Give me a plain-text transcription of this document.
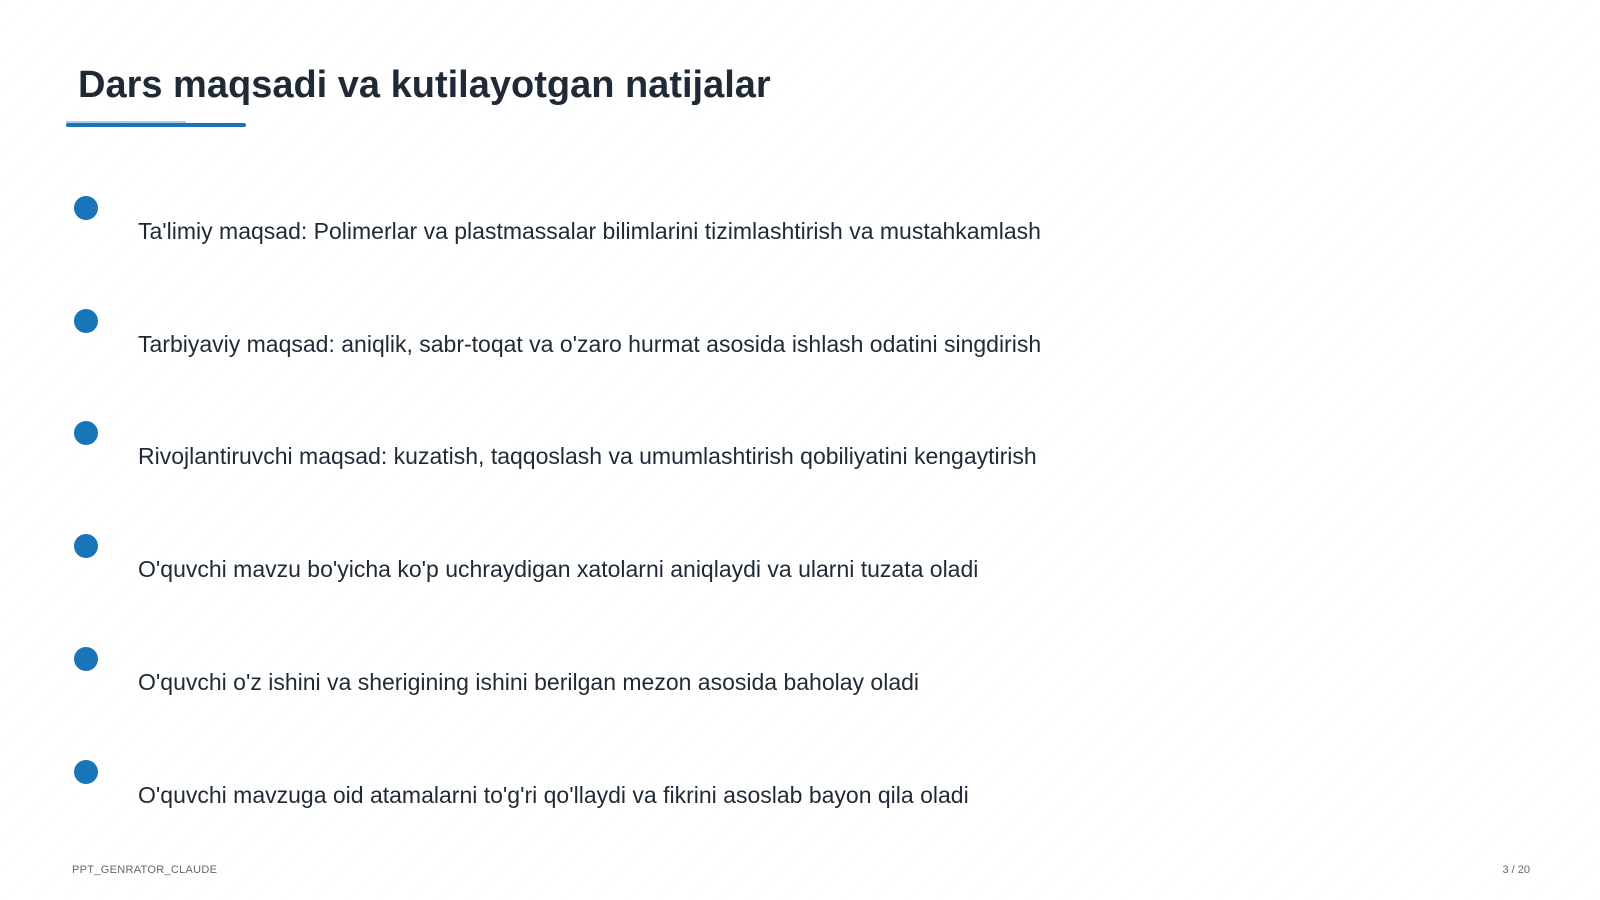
Dars maqsadi va kutilayotgan natijalar
Ta'limiy maqsad: Polimerlar va plastmassalar bilimlarini tizimlashtirish va mustahkamlash
Tarbiyaviy maqsad: aniqlik, sabr-toqat va o'zaro hurmat asosida ishlash odatini singdirish
Rivojlantiruvchi maqsad: kuzatish, taqqoslash va umumlashtirish qobiliyatini kengaytirish
O'quvchi mavzu bo'yicha ko'p uchraydigan xatolarni aniqlaydi va ularni tuzata oladi
O'quvchi o'z ishini va sherigining ishini berilgan mezon asosida baholay oladi
O'quvchi mavzuga oid atamalarni to'g'ri qo'llaydi va fikrini asoslab bayon qila oladi
PPT_GENRATOR_CLAUDE	3 / 20
